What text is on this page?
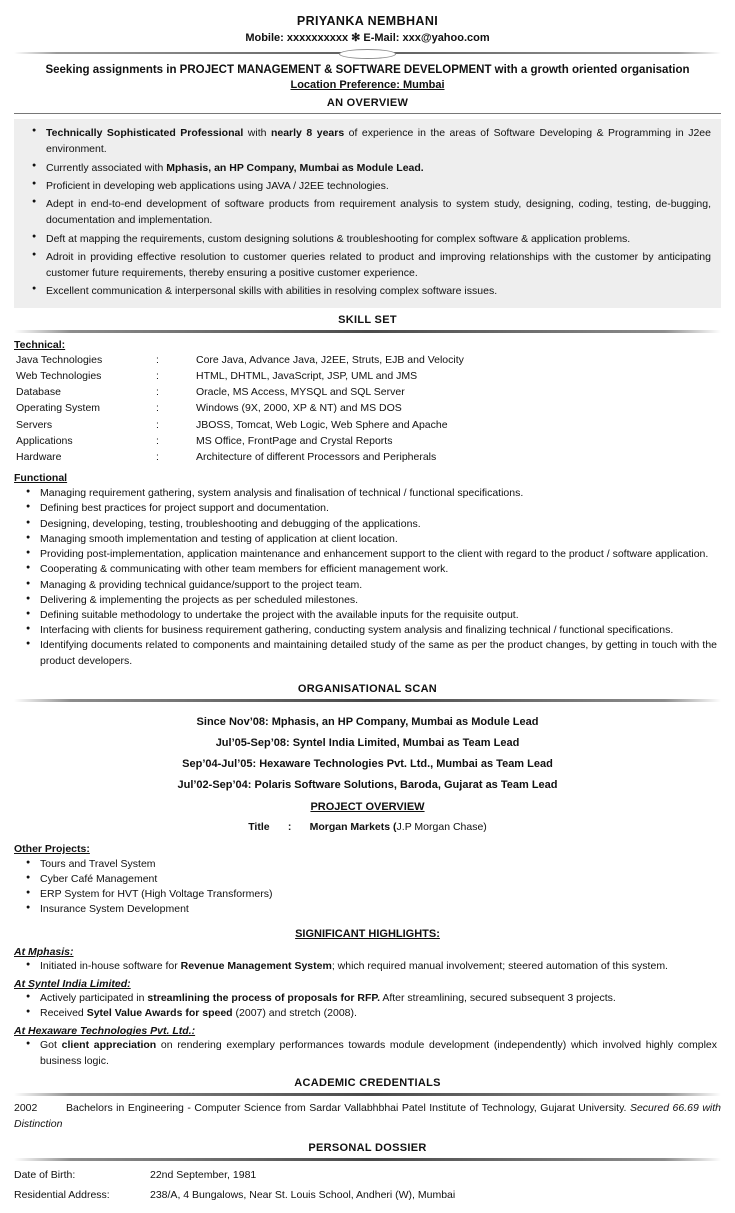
PRIYANKA NEMBHANI
Mobile: xxxxxxxxxx ✻ E-Mail: xxx@yahoo.com
Seeking assignments in PROJECT MANAGEMENT & SOFTWARE DEVELOPMENT with a growth oriented organisation
Location Preference: Mumbai
AN OVERVIEW
● Technically Sophisticated Professional with nearly 8 years of experience in the areas of Software Developing & Programming in J2ee environment.
● Currently associated with Mphasis, an HP Company, Mumbai as Module Lead.
● Proficient in developing web applications using JAVA / J2EE technologies.
● Adept in end-to-end development of software products from requirement analysis to system study, designing, coding, testing, de-bugging, documentation and implementation.
● Deft at mapping the requirements, custom designing solutions & troubleshooting for complex software & application problems.
● Adroit in providing effective resolution to customer queries related to product and improving relationships with the customer by anticipating customer future requirements, thereby ensuring a positive customer experience.
● Excellent communication & interpersonal skills with abilities in resolving complex software issues.
SKILL SET
Technical:
Java Technologies	:	Core Java, Advance Java, J2EE, Struts, EJB and Velocity
Web Technologies	:	HTML, DHTML, JavaScript, JSP, UML and JMS
Database	:	Oracle, MS Access, MYSQL and SQL Server
Operating System	:	Windows (9X, 2000, XP & NT) and MS DOS
Servers	:	JBOSS, Tomcat, Web Logic, Web Sphere and Apache
Applications	:	MS Office, FrontPage and Crystal Reports
Hardware	:	Architecture of different Processors and Peripherals
Functional
● Managing requirement gathering, system analysis and finalisation of technical / functional specifications.
● Defining best practices for project support and documentation.
● Designing, developing, testing, troubleshooting and debugging of the applications.
● Managing smooth implementation and testing of application at client location.
● Providing post-implementation, application maintenance and enhancement support to the client with regard to the product / software application.
● Cooperating & communicating with other team members for efficient management work.
● Managing & providing technical guidance/support to the project team.
● Delivering & implementing the projects as per scheduled milestones.
● Defining suitable methodology to undertake the project with the available inputs for the requisite output.
● Interfacing with clients for business requirement gathering, conducting system analysis and finalizing technical / functional specifications.
● Identifying documents related to components and maintaining detailed study of the same as per the product changes, by getting in touch with the product developers.
ORGANISATIONAL SCAN
Since Nov’08: Mphasis, an HP Company, Mumbai as Module Lead
Jul’05-Sep’08: Syntel India Limited, Mumbai as Team Lead
Sep’04-Jul’05: Hexaware Technologies Pvt. Ltd., Mumbai as Team Lead
Jul’02-Sep’04: Polaris Software Solutions, Baroda, Gujarat as Team Lead
PROJECT OVERVIEW
Title : Morgan Markets (J.P Morgan Chase)
Other Projects:
● Tours and Travel System
● Cyber Café Management
● ERP System for HVT (High Voltage Transformers)
● Insurance System Development
SIGNIFICANT HIGHLIGHTS:
At Mphasis:
● Initiated in-house software for Revenue Management System; which required manual involvement; steered automation of this system.
At Syntel India Limited:
● Actively participated in streamlining the process of proposals for RFP. After streamlining, secured subsequent 3 projects.
● Received Sytel Value Awards for speed (2007) and stretch (2008).
At Hexaware Technologies Pvt. Ltd.:
● Got client appreciation on rendering exemplary performances towards module development (independently) which involved highly complex business logic.
ACADEMIC CREDENTIALS
2002	Bachelors in Engineering - Computer Science from Sardar Vallabhbhai Patel Institute of Technology, Gujarat University. Secured 66.69 with Distinction
PERSONAL DOSSIER
Date of Birth:	22nd September, 1981
Residential Address:	238/A, 4 Bungalows, Near St. Louis School, Andheri (W), Mumbai
